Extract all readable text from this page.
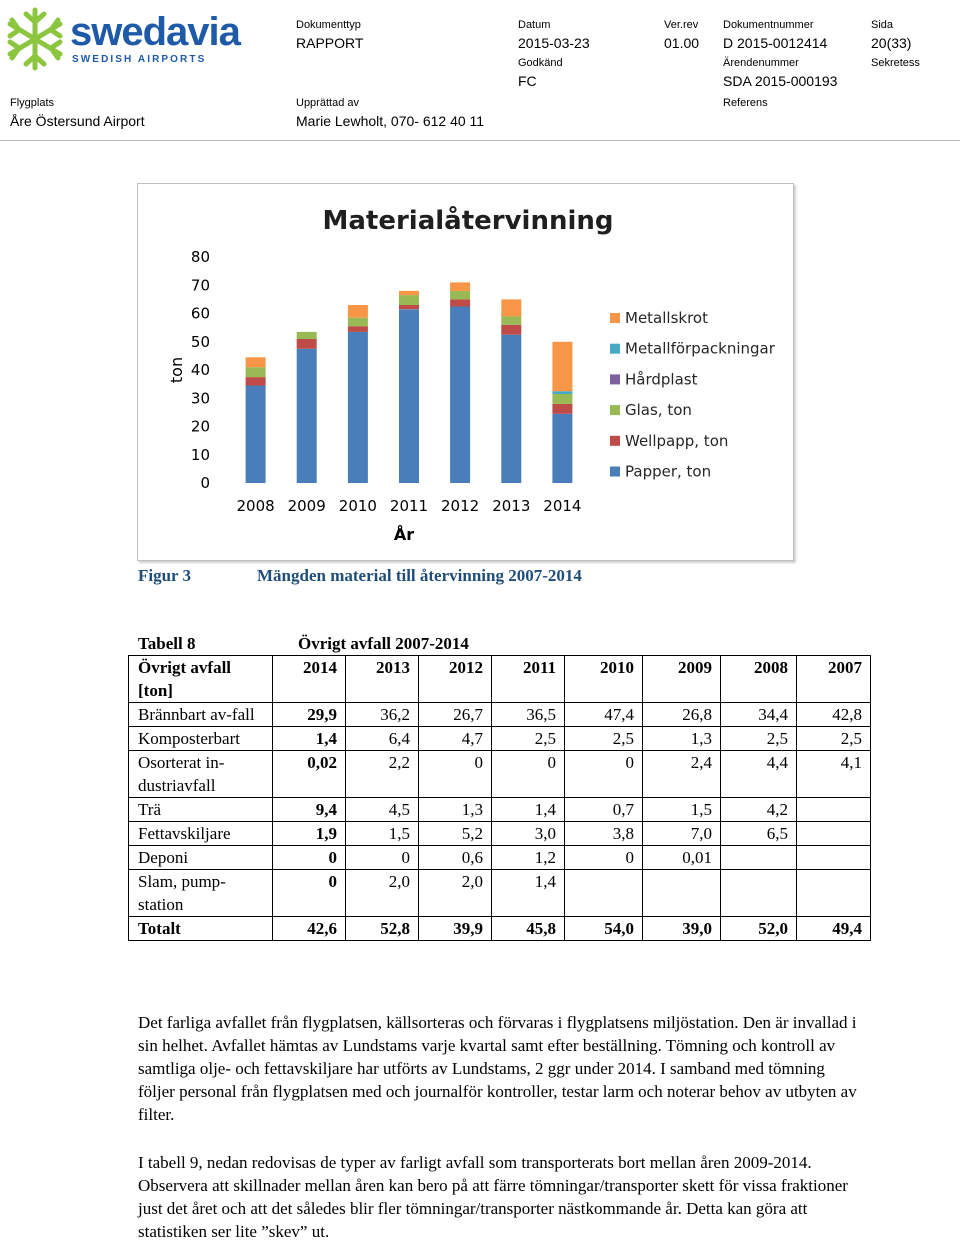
swedavia
SWEDISH AIRPORTS
Dokumenttyp
RAPPORT
Datum
2015-03-23
Ver.rev
01.00
Dokumentnummer
D 2015-0012414
Sida
20(33)
Godkänd
FC
Ärendenummer
SDA 2015-000193
Sekretess
Flygplats
Åre Östersund Airport
Upprättad av
Marie Lewholt, 070- 612 40 11
Referens
Materialåtervinning
ton
År
0
10
20
30
40
50
60
70
80
2008 2009 2010 2011 2012 2013 2014
Metallskrot
Metallförpackningar
Hårdplast
Glas, ton
Wellpapp, ton
Papper, ton
Figur 3	Mängden material till återvinning 2007-2014
Tabell 8	Övrigt avfall 2007-2014
Övrigt avfall [ton]	2014	2013	2012	2011	2010	2009	2008	2007
Brännbart av-fall	29,9	36,2	26,7	36,5	47,4	26,8	34,4	42,8
Komposterbart	1,4	6,4	4,7	2,5	2,5	1,3	2,5	2,5
Osorterat in-dustriavfall	0,02	2,2	0	0	0	2,4	4,4	4,1
Trä	9,4	4,5	1,3	1,4	0,7	1,5	4,2	
Fettavskiljare	1,9	1,5	5,2	3,0	3,8	7,0	6,5	
Deponi	0	0	0,6	1,2	0	0,01		
Slam, pump-station	0	2,0	2,0	1,4				
Totalt	42,6	52,8	39,9	45,8	54,0	39,0	52,0	49,4
Det farliga avfallet från flygplatsen, källsorteras och förvaras i flygplatsens miljöstation. Den är invallad i sin helhet. Avfallet hämtas av Lundstams varje kvartal samt efter beställning. Tömning och kontroll av samtliga olje- och fettavskiljare har utförts av Lundstams, 2 ggr under 2014. I samband med tömning följer personal från flygplatsen med och journalför kontroller, testar larm och noterar behov av utbyten av filter.
I tabell 9, nedan redovisas de typer av farligt avfall som transporterats bort mellan åren 2009-2014. Observera att skillnader mellan åren kan bero på att färre tömningar/transporter skett för vissa fraktioner just det året och att det således blir fler tömningar/transporter nästkommande år. Detta kan göra att statistiken ser lite ”skev” ut.
